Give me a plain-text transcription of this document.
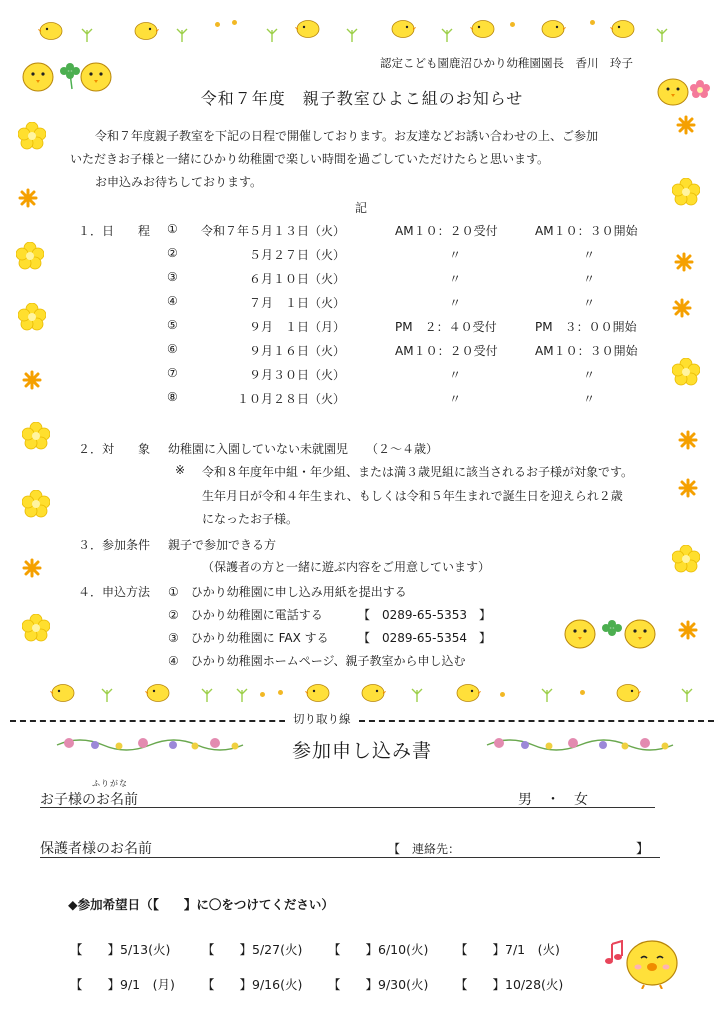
認定こども園鹿沼ひかり幼稚園園長　香川　玲子
令和７年度　親子教室ひよこ組のお知らせ
令和７年度親子教室を下記の日程で開催しております。お友達などお誘い合わせの上、ご参加
いただきお子様と一緒にひかり幼稚園で楽しい時間を過ごしていただけたらと思います。
お申込みお待ちしております。
記
１．日　　程 ①	令和７年５月１３日（火）	AM１０：２０受付	AM１０：３０開始
②	５月２７日（火）	〃	〃
③	６月１０日（火）	〃	〃
④	７月　１日（火）	〃	〃
⑤	９月　１日（月）	PM　２：４０受付	PM　３：００開始
⑥	９月１６日（火）	AM１０：２０受付	AM１０：３０開始
⑦	９月３０日（火）	〃	〃
⑧	１０月２８日（火）	〃	〃
２．対　　象 幼稚園に入園していない未就園児　　（２～４歳）
※ 令和８年度年中組・年少組、または満３歳児組に該当されるお子様が対象です。
生年月日が令和４年生まれ、もしくは令和５年生まれで誕生日を迎えられ２歳
になったお子様。
３．参加条件 親子で参加できる方
（保護者の方と一緒に遊ぶ内容をご用意しています）
４．申込方法 ①　ひかり幼稚園に申し込み用紙を提出する
②　ひかり幼稚園に電話する	【　0289-65-5353　】
③　ひかり幼稚園に FAX する 【　0289-65-5354　】
④　ひかり幼稚園ホームページ、親子教室から申し込む
切り取り線
参加申し込み書
ふりがな
お子様のお名前	男　・　女
保護者様のお名前	【　連絡先：	】
◆参加希望日（【　　】に〇をつけてください）
【　　】5/13(火)	【　　】5/27(火) 【　　】6/10(火) 【　　】7/1　(火)
【　　】9/1　(月) 【　　】9/16(火) 【　　】9/30(火) 【　　】10/28(火)
